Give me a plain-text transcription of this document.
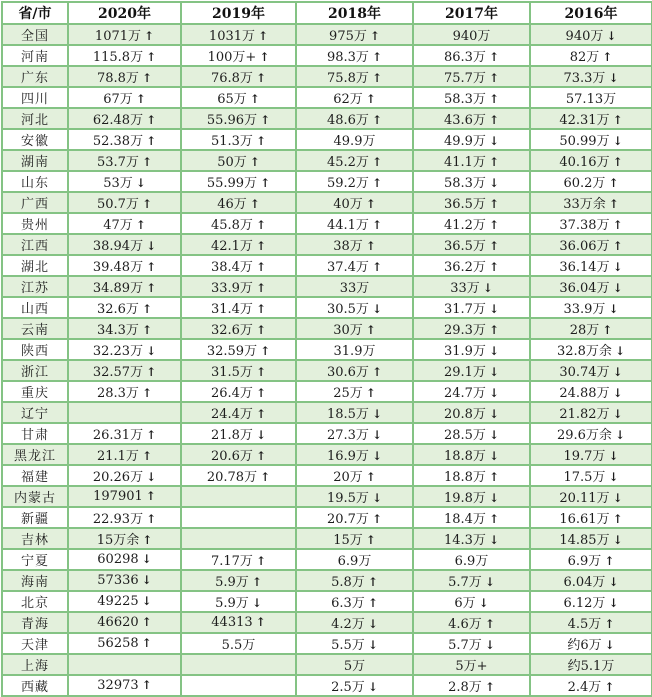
省/市	2020年	2019年	2018年	2017年	2016年
全国	1071万 ↑	1031万 ↑	975万 ↑	940万	940万 ↓
河南	115.8万 ↑	100万+ ↑	98.3万 ↑	86.3万 ↑	82万 ↑
广东	78.8万 ↑	76.8万 ↑	75.8万 ↑	75.7万 ↑	73.3万 ↓
四川	67万 ↑	65万 ↑	62万 ↑	58.3万 ↑	57.13万
河北	62.48万 ↑	55.96万 ↑	48.6万 ↑	43.6万 ↑	42.31万 ↑
安徽	52.38万 ↑	51.3万 ↑	49.9万	49.9万 ↓	50.99万 ↓
湖南	53.7万 ↑	50万 ↑	45.2万 ↑	41.1万 ↑	40.16万 ↑
山东	53万 ↓	55.99万 ↑	59.2万 ↑	58.3万 ↓	60.2万 ↑
广西	50.7万 ↑	46万 ↑	40万 ↑	36.5万 ↑	33万余 ↑
贵州	47万 ↑	45.8万 ↑	44.1万 ↑	41.2万 ↑	37.38万 ↑
江西	38.94万 ↓	42.1万 ↑	38万 ↑	36.5万 ↑	36.06万 ↑
湖北	39.48万 ↑	38.4万 ↑	37.4万 ↑	36.2万 ↑	36.14万 ↓
江苏	34.89万 ↑	33.9万 ↑	33万	33万 ↓	36.04万 ↓
山西	32.6万 ↑	31.4万 ↑	30.5万 ↓	31.7万 ↓	33.9万 ↓
云南	34.3万 ↑	32.6万 ↑	30万 ↑	29.3万 ↑	28万 ↑
陕西	32.23万 ↓	32.59万 ↑	31.9万	31.9万 ↓	32.8万余 ↓
浙江	32.57万 ↑	31.5万 ↑	30.6万 ↑	29.1万 ↓	30.74万 ↓
重庆	28.3万 ↑	26.4万 ↑	25万 ↑	24.7万 ↓	24.88万 ↓
辽宁		24.4万 ↑	18.5万 ↓	20.8万 ↓	21.82万 ↓
甘肃	26.31万 ↑	21.8万 ↓	27.3万 ↓	28.5万 ↓	29.6万余 ↓
黑龙江	21.1万 ↑	20.6万 ↑	16.9万 ↓	18.8万 ↓	19.7万 ↓
福建	20.26万 ↓	20.78万 ↑	20万 ↑	18.8万 ↑	17.5万 ↓
内蒙古	197901 ↑		19.5万 ↓	19.8万 ↓	20.11万 ↓
新疆	22.93万 ↑		20.7万 ↑	18.4万 ↑	16.61万 ↑
吉林	15万余 ↑		15万 ↑	14.3万 ↓	14.85万 ↓
宁夏	60298 ↓	7.17万 ↑	6.9万	6.9万	6.9万 ↑
海南	57336 ↓	5.9万 ↑	5.8万 ↑	5.7万 ↓	6.04万 ↓
北京	49225 ↓	5.9万 ↓	6.3万 ↑	6万 ↓	6.12万 ↓
青海	46620 ↑	44313 ↑	4.2万 ↓	4.6万 ↑	4.5万 ↑
天津	56258 ↑	5.5万	5.5万 ↓	5.7万 ↓	约6万 ↓
上海			5万	5万+	约5.1万
西藏	32973 ↑		2.5万 ↓	2.8万 ↑	2.4万 ↑
